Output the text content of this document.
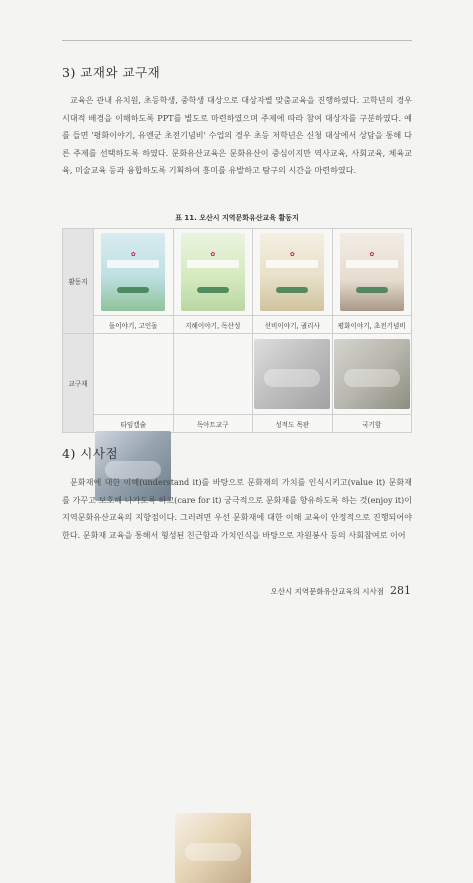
3) 교재와 교구재

교육은 관내 유치원, 초등학생, 중학생 대상으로 대상자별 맞춤교육을 진행하였다. 고학년의 경우 시대적 배경을 이해하도록 PPT를 별도로 마련하였으며 주제에 따라 참여 대상자를 구분하였다. 예를 들면 '평화이야기, 유엔군 초전기념비' 수업의 경우 초등 저학년은 신청 대상에서 상담을 통해 다른 주제를 선택하도록 하였다. 문화유산교육은 문화유산이 중심이지만 역사교육, 사회교육, 체육교육, 미술교육 등과 융합하도록 기획하여 흥미를 유발하고 탐구의 시간을 마련하였다.

표 11. 오산시 지역문화유산교육 활동지
활동지	✿	✿	✿	✿

	돌이야기, 고인돌	지혜이야기, 독산성	선비이야기, 궐리사	평화이야기, 초전기념비
교구재	

	타임캡슐	독아트교구	성적도 목판	국기함
4) 시사점

문화재에 대한 이해(understand it)를 바탕으로 문화재의 가치를 인식시키고(value it) 문화재를 가꾸고 보호해 나가도록 하고(care for it) 궁극적으로 문화재를 향유하도록 하는 것(enjoy it)이 지역문화유산교육의 지향점이다. 그러려면 우선 문화재에 대한 이해 교육이 안정적으로 진행되어야 한다. 문화재 교육을 통해서 형성된 친근함과 가치인식을 바탕으로 자원봉사 등의 사회참여로 이어

오산시 지역문화유산교육의 시사점 281
